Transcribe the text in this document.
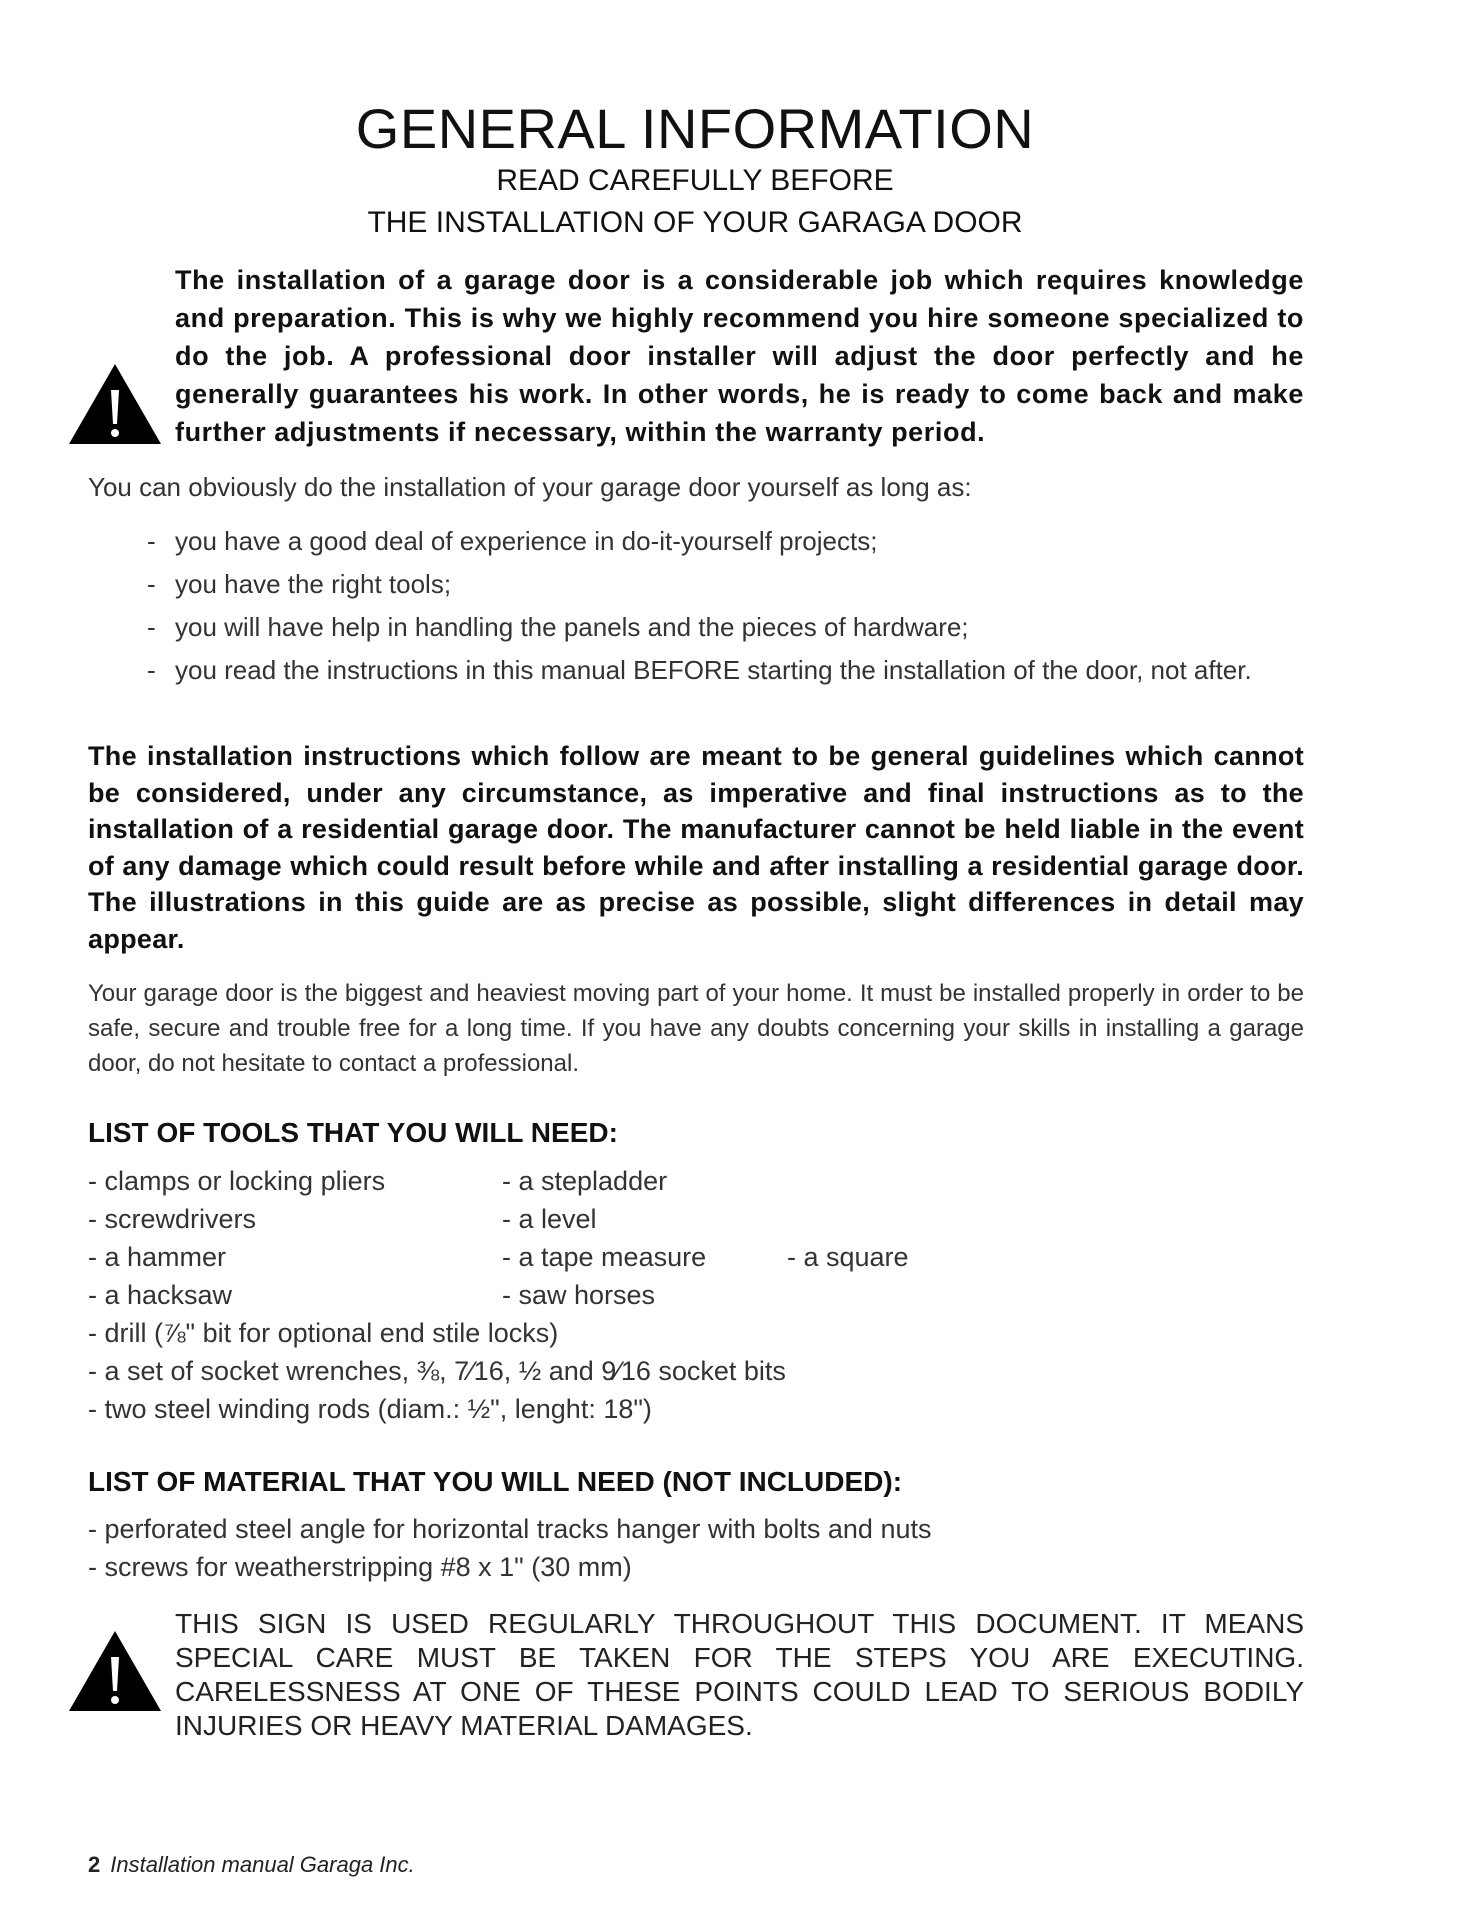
GENERAL INFORMATION

READ CAREFULLY BEFORE

THE INSTALLATION OF YOUR GARAGA DOOR

The installation of a garage door is a considerable job which requires knowledge and preparation. This is why we highly recommend you hire someone specialized to do the job. A professional door installer will adjust the door perfectly and he generally guarantees his work. In other words, he is ready to come back and make further adjustments if necessary, within the warranty period.
You can obviously do the installation of your garage door yourself as long as:
- you have a good deal of experience in do-it-yourself projects;
- you have the right tools;
- you will have help in handling the panels and the pieces of hardware;
- you read the instructions in this manual BEFORE starting the installation of the door, not after.
The installation instructions which follow are meant to be general guidelines which cannot be considered, under any circumstance, as imperative and final instructions as to the installation of a residential garage door. The manufacturer cannot be held liable in the event of any damage which could result before while and after installing a residential garage door. The illustrations in this guide are as precise as possible, slight differences in detail may appear.
Your garage door is the biggest and heaviest moving part of your home. It must be installed properly in order to be safe, secure and trouble free for a long time. If you have any doubts concerning your skills in installing a garage door, do not hesitate to contact a professional.

LIST OF TOOLS THAT YOU WILL NEED:

- clamps or locking pliers
- screwdrivers
- a hammer
- a hacksaw
- a stepladder
- a level
- a tape measure
- saw horses
- a square
- drill (⅞" bit for optional end stile locks)
- a set of socket wrenches, ⅜, 7⁄16, ½ and 9⁄16 socket bits
- two steel winding rods (diam.: ½", lenght: 18")

LIST OF MATERIAL THAT YOU WILL NEED (NOT INCLUDED):

- perforated steel angle for horizontal tracks hanger with bolts and nuts
- screws for weatherstripping #8 x 1" (30 mm)
THIS SIGN IS USED REGULARLY THROUGHOUT THIS DOCUMENT. IT MEANS SPECIAL CARE MUST BE TAKEN FOR THE STEPS YOU ARE EXECUTING. CARELESSNESS AT ONE OF THESE POINTS COULD LEAD TO SERIOUS BODILY INJURIES OR HEAVY MATERIAL DAMAGES.
2 Installation manual Garaga Inc.
